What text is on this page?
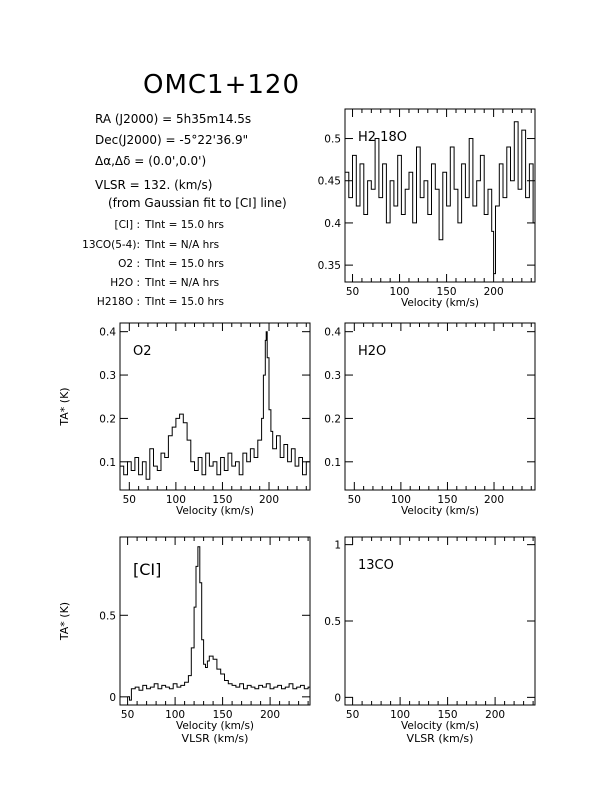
OMC1+120
RA (J2000) = 5h35m14.5s
Dec(J2000) = -5°22'36.9"
Δα,Δδ = (0.0',0.0')
VLSR = 132. (km/s)
(from Gaussian fit to [CI] line)
[CI] : TInt = 15.0 hrs
13CO(5-4): TInt = N/A hrs
O2 : TInt = 15.0 hrs
H2O : TInt = N/A hrs
H218O : TInt = 15.0 hrs
50	100	150	200
0.35
0.4
0.45
0.5
Velocity (km/s)
H2 18O
50	100	150	200
0.1
0.2
0.3
0.4
Velocity (km/s)
TA* (K)
O2
50	100	150	200
0.1
0.2
0.3
0.4
Velocity (km/s)
H2O
50	100	150	200
0
0.5
Velocity (km/s)
TA* (K)
[CI]
50	100	150	200
0
0.5
1
Velocity (km/s)
13CO
VLSR (km/s)	VLSR (km/s)
